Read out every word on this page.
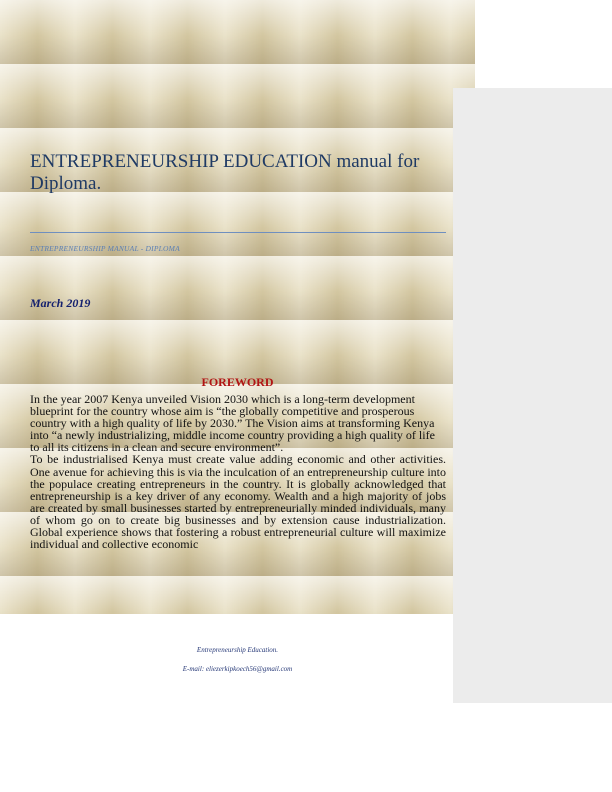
ENTREPRENEURSHIP EDUCATION manual for Diploma.
ENTREPRENEURSHIP MANUAL - DIPLOMA
March 2019
FOREWORD

In the year 2007 Kenya unveiled Vision 2030 which is a long-term development blueprint for the country whose aim is “the globally competitive and prosperous country with a high quality of life by 2030.” The Vision aims at transforming Kenya into “a newly industrializing, middle income country providing a high quality of life to all its citizens in a clean and secure environment”.

To be industrialised Kenya must create value adding economic and other activities. One avenue for achieving this is via the inculcation of an entrepreneurship culture into the populace creating entrepreneurs in the country. It is globally acknowledged that entrepreneurship is a key driver of any economy. Wealth and a high majority of jobs are created by small businesses started by entrepreneurially minded individuals, many of whom go on to create big businesses and by extension cause industrialization. Global experience shows that fostering a robust entrepreneurial culture will maximize individual and collective economic

Entrepreneurship Education.
E-mail: eliezerkipkoech56@gmail.com
